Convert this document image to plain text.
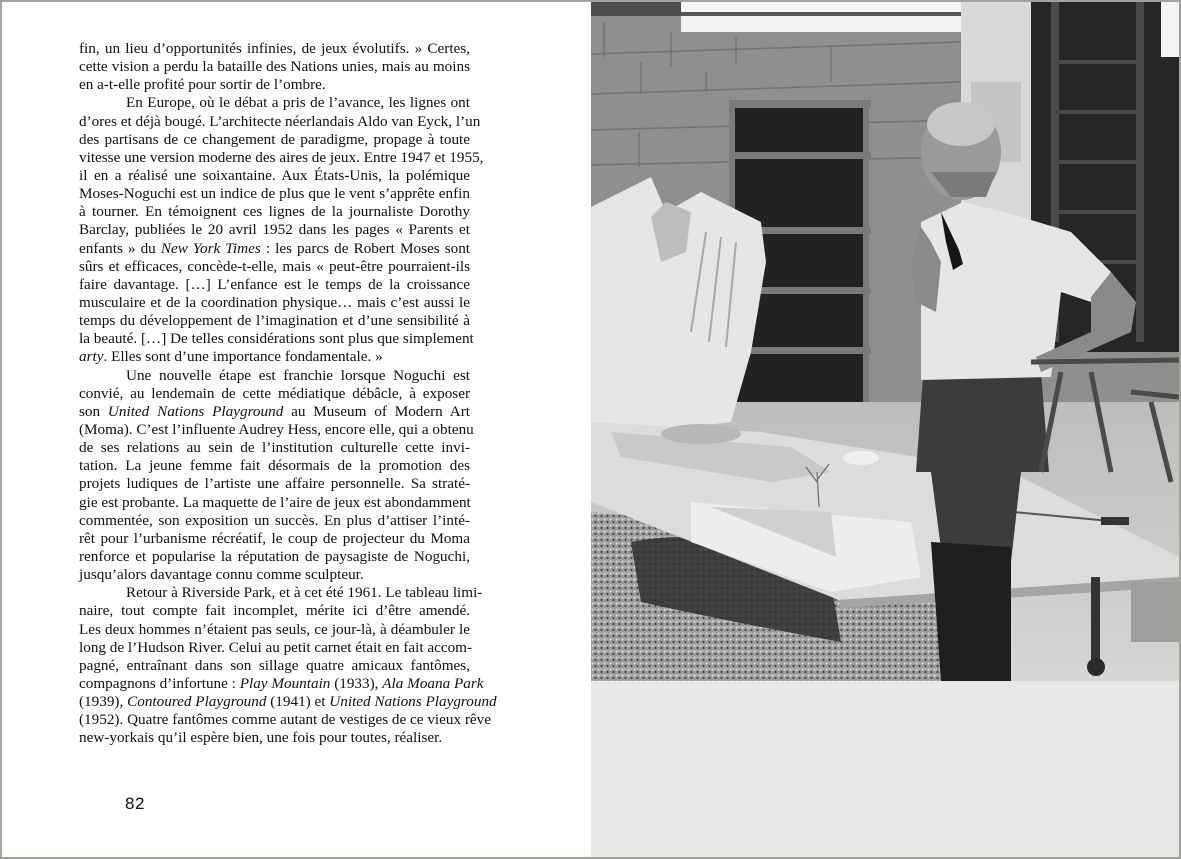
fin, un lieu d’opportunités infinies, de jeux évolutifs. » Certes,
cette vision a perdu la bataille des Nations unies, mais au moins
en a-t-elle profité pour sortir de l’ombre.
En Europe, où le débat a pris de l’avance, les lignes ont
d’ores et déjà bougé. L’architecte néerlandais Aldo van Eyck, l’un
des partisans de ce changement de paradigme, propage à toute
vitesse une version moderne des aires de jeux. Entre 1947 et 1955,
il en a réalisé une soixantaine. Aux États-Unis, la polémique
Moses-Noguchi est un indice de plus que le vent s’apprête enfin
à tourner. En témoignent ces lignes de la journaliste Dorothy
Barclay, publiées le 20 avril 1952 dans les pages « Parents et
enfants » du New York Times : les parcs de Robert Moses sont
sûrs et efficaces, concède-t-elle, mais « peut-être pourraient-ils
faire davantage. […] L’enfance est le temps de la croissance
musculaire et de la coordination physique… mais c’est aussi le
temps du développement de l’imagination et d’une sensibilité à
la beauté. […] De telles considérations sont plus que simplement
arty. Elles sont d’une importance fondamentale. »
Une nouvelle étape est franchie lorsque Noguchi est
convié, au lendemain de cette médiatique débâcle, à exposer
son United Nations Playground au Museum of Modern Art
(Moma). C’est l’influente Audrey Hess, encore elle, qui a obtenu
de ses relations au sein de l’institution culturelle cette invi-
tation. La jeune femme fait désormais de la promotion des
projets ludiques de l’artiste une affaire personnelle. Sa straté-
gie est probante. La maquette de l’aire de jeux est abondamment
commentée, son exposition un succès. En plus d’attiser l’inté-
rêt pour l’urbanisme récréatif, le coup de projecteur du Moma
renforce et popularise la réputation de paysagiste de Noguchi,
jusqu’alors davantage connu comme sculpteur.
Retour à Riverside Park, et à cet été 1961. Le tableau limi-
naire, tout compte fait incomplet, mérite ici d’être amendé.
Les deux hommes n’étaient pas seuls, ce jour-là, à déambuler le
long de l’Hudson River. Celui au petit carnet était en fait accom-
pagné, entraînant dans son sillage quatre amicaux fantômes,
compagnons d’infortune : Play Mountain (1933), Ala Moana Park
(1939), Contoured Playground (1941) et United Nations Playground
(1952). Quatre fantômes comme autant de vestiges de ce vieux rêve
new-yorkais qu’il espère bien, une fois pour toutes, réaliser.
82
